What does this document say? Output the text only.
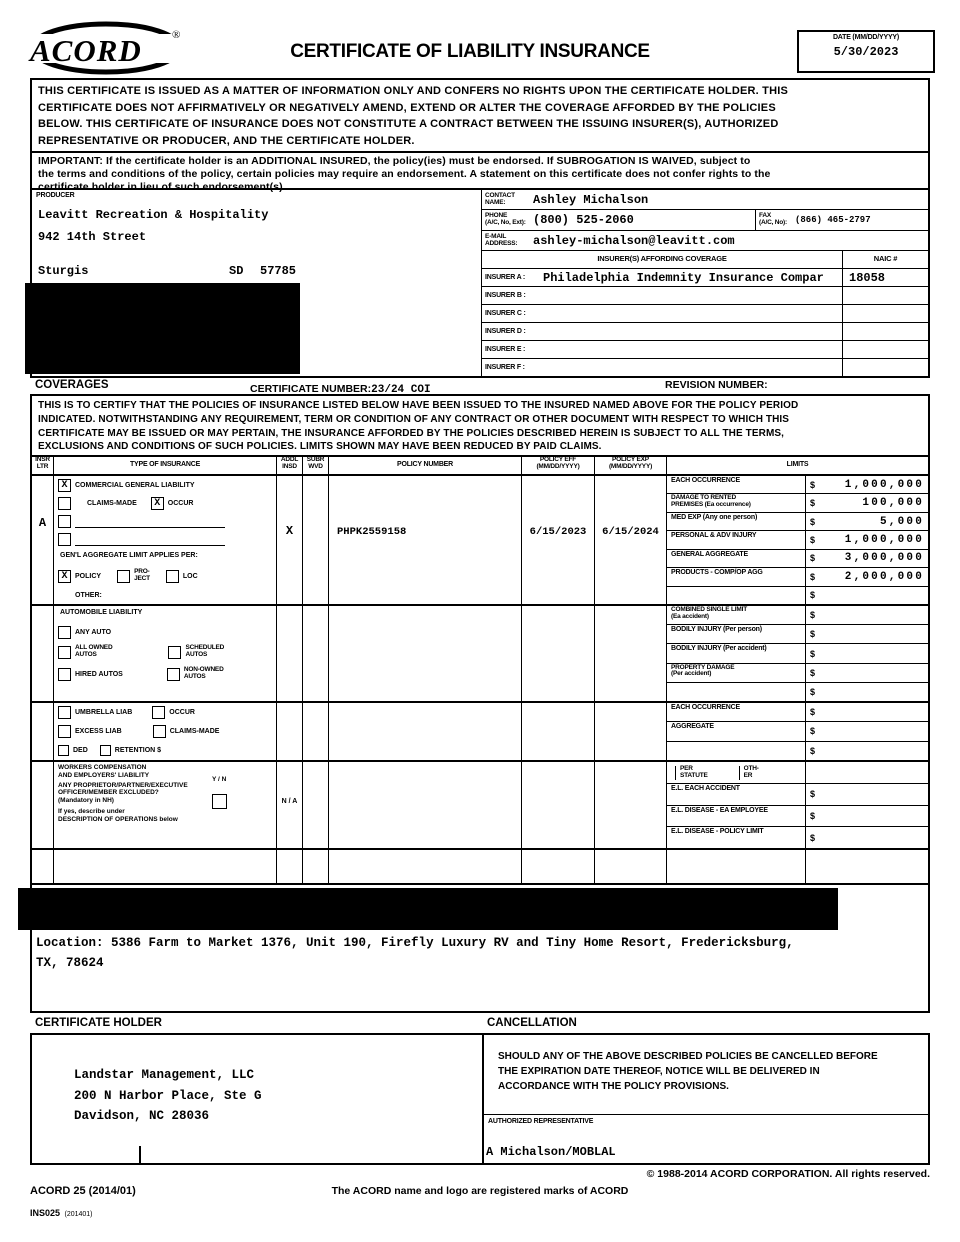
ACORD	®
CERTIFICATE OF LIABILITY INSURANCE
DATE (MM/DD/YYYY)
5/30/2023
THIS CERTIFICATE IS ISSUED AS A MATTER OF INFORMATION ONLY AND CONFERS NO RIGHTS UPON THE CERTIFICATE HOLDER. THIS
CERTIFICATE DOES NOT AFFIRMATIVELY OR NEGATIVELY AMEND, EXTEND OR ALTER THE COVERAGE AFFORDED BY THE POLICIES
BELOW. THIS CERTIFICATE OF INSURANCE DOES NOT CONSTITUTE A CONTRACT BETWEEN THE ISSUING INSURER(S), AUTHORIZED
REPRESENTATIVE OR PRODUCER, AND THE CERTIFICATE HOLDER.
IMPORTANT: If the certificate holder is an ADDITIONAL INSURED, the policy(ies) must be endorsed. If SUBROGATION IS WAIVED, subject to
the terms and conditions of the policy, certain policies may require an endorsement. A statement on this certificate does not confer rights to the
certificate holder in lieu of such endorsement(s).
PRODUCER
Leavitt Recreation & Hospitality
942 14th Street
Sturgis	SD 57785
CONTACT
NAME:	Ashley Michalson
PHONE
(A/C, No, Ext): (800) 525-2060	FAX
(A/C, No): (866) 465-2797
E-MAIL
ADDRESS:	ashley-michalson@leavitt.com
INSURER(S) AFFORDING COVERAGE	NAIC #
INSURER A :	Philadelphia Indemnity Insurance Compar	18058
INSURER B :
INSURER C :
INSURER D :
INSURER E :
INSURER F :
COVERAGES	CERTIFICATE NUMBER:23/24 COI	REVISION NUMBER:
THIS IS TO CERTIFY THAT THE POLICIES OF INSURANCE LISTED BELOW HAVE BEEN ISSUED TO THE INSURED NAMED ABOVE FOR THE POLICY PERIOD
INDICATED. NOTWITHSTANDING ANY REQUIREMENT, TERM OR CONDITION OF ANY CONTRACT OR OTHER DOCUMENT WITH RESPECT TO WHICH THIS
CERTIFICATE MAY BE ISSUED OR MAY PERTAIN, THE INSURANCE AFFORDED BY THE POLICIES DESCRIBED HEREIN IS SUBJECT TO ALL THE TERMS,
EXCLUSIONS AND CONDITIONS OF SUCH POLICIES. LIMITS SHOWN MAY HAVE BEEN REDUCED BY PAID CLAIMS.
INSR
LTR	TYPE OF INSURANCE
ADDL
INSD
SUBR
WVD	POLICY NUMBER
POLICY EFF
(MM/DD/YYYY)
POLICY EXP
(MM/DD/YYYY)	LIMITS
A
X	COMMERCIAL GENERAL LIABILITY
CLAIMS-MADE	X	OCCUR
GEN'L AGGREGATE LIMIT APPLIES PER:
X	POLICY
PRO-
JECT	LOC
OTHER:
X	PHPK2559158	6/15/2023	6/15/2024
EACH OCCURRENCE	$	1,000,000
DAMAGE TO RENTED
PREMISES (Ea occurrence)	$	100,000
MED EXP (Any one person)	$	5,000
PERSONAL & ADV INJURY	$	1,000,000
GENERAL AGGREGATE	$	3,000,000
PRODUCTS - COMP/OP AGG	$	2,000,000
$
AUTOMOBILE LIABILITY
ANY AUTO
ALL OWNED
AUTOS
SCHEDULED
AUTOS
HIRED AUTOS
NON-OWNED
AUTOS
COMBINED SINGLE LIMIT
(Ea accident)	$
BODILY INJURY (Per person)	$
BODILY INJURY (Per accident)	$
PROPERTY DAMAGE
(Per accident)	$
$
UMBRELLA LIAB	OCCUR
EXCESS LIAB	CLAIMS-MADE
DED	RETENTION $
EACH OCCURRENCE	$
AGGREGATE	$
$
WORKERS COMPENSATION
AND EMPLOYERS' LIABILITY
Y / N
ANY PROPRIETOR/PARTNER/EXECUTIVE
OFFICER/MEMBER EXCLUDED?
(Mandatory in NH)
If yes, describe under
DESCRIPTION OF OPERATIONS below
N / A
PER
STATUTE
OTH-
ER
E.L. EACH ACCIDENT
$
E.L. DISEASE - EA EMPLOYEE
$
E.L. DISEASE - POLICY LIMIT
$
Location: 5386 Farm to Market 1376, Unit 190, Firefly Luxury RV and Tiny Home Resort, Fredericksburg,
TX, 78624
CERTIFICATE HOLDER	CANCELLATION
Landstar Management, LLC
200 N Harbor Place, Ste G
Davidson, NC 28036
SHOULD ANY OF THE ABOVE DESCRIBED POLICIES BE CANCELLED BEFORE
THE EXPIRATION DATE THEREOF, NOTICE WILL BE DELIVERED IN
ACCORDANCE WITH THE POLICY PROVISIONS.
AUTHORIZED REPRESENTATIVE
A Michalson/MOBLAL
© 1988-2014 ACORD CORPORATION. All rights reserved.
ACORD 25 (2014/01)	The ACORD name and logo are registered marks of ACORD
INS025 (201401)
